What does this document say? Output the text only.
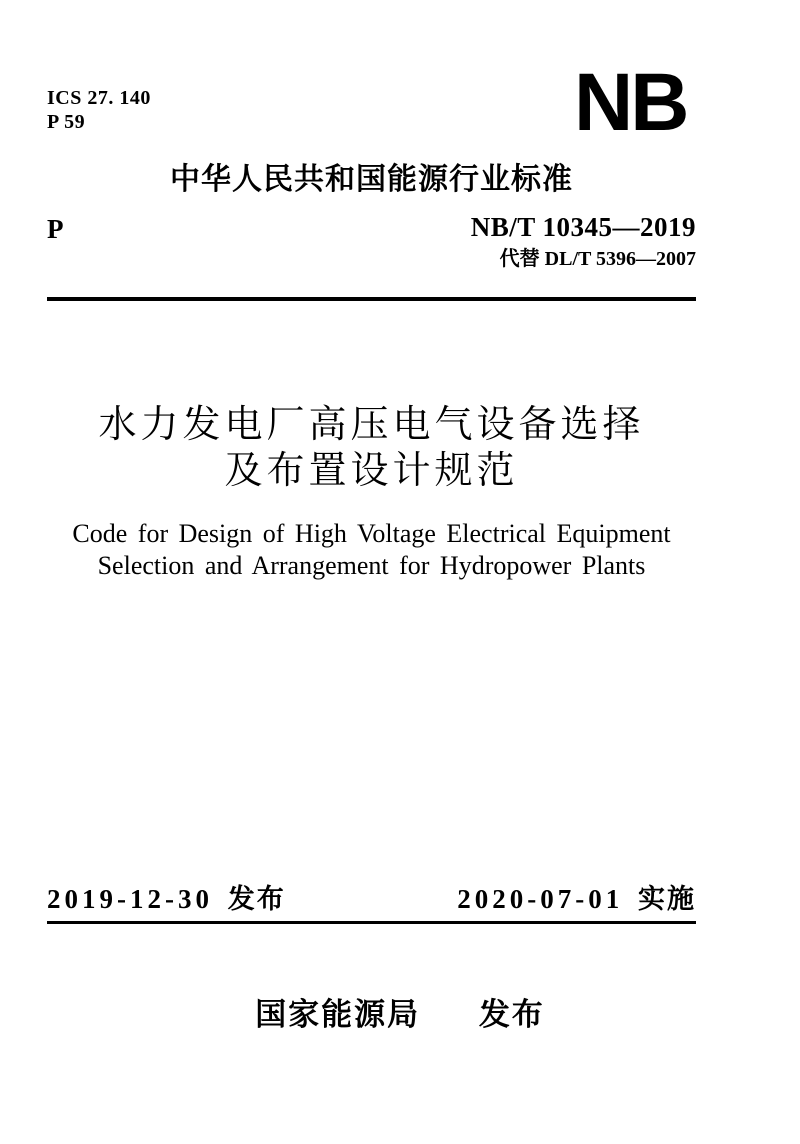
ICS 27. 140
P 59	NB
中华人民共和国能源行业标准
P	NB/T 10345—2019
代替 DL/T 5396—2007
水力发电厂高压电气设备选择
及布置设计规范
Code for Design of High Voltage Electrical Equipment
Selection and Arrangement for Hydropower Plants
2019-12-30 发布	2020-07-01 实施
国家能源局 发布
